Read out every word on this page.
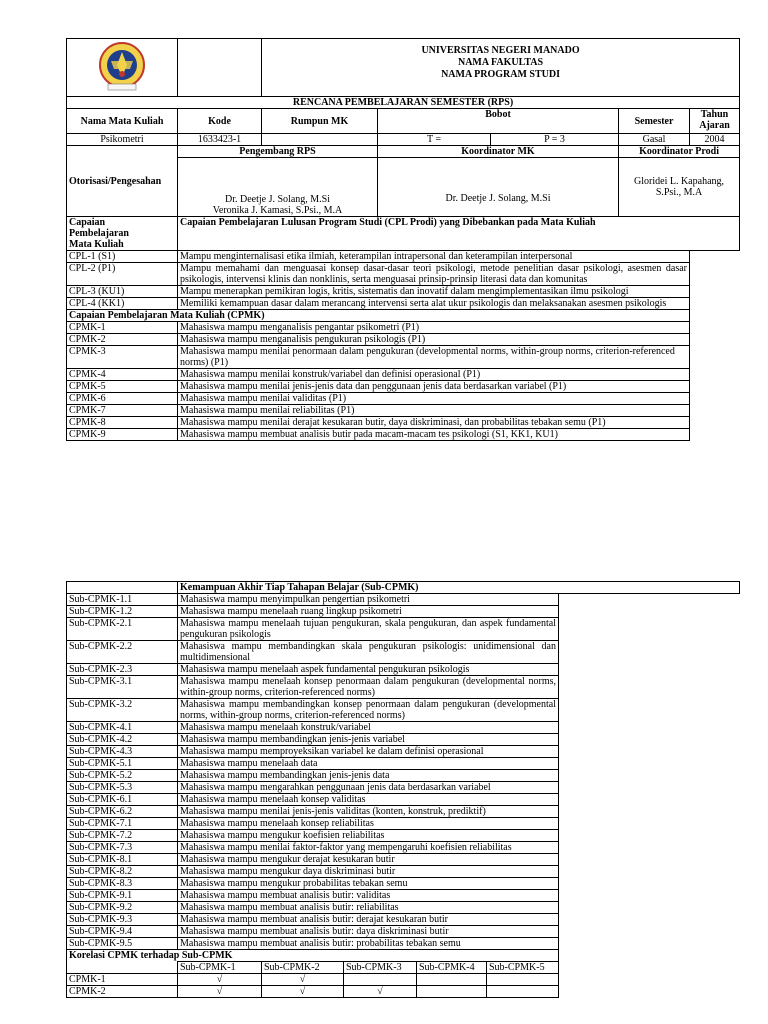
UNIVERSITAS NEGERI MANADO
NAMA FAKULTAS
NAMA PROGRAM STUDI				

RENCANA PEMBELAJARAN SEMESTER (RPS)						
Nama Mata Kuliah	Kode	Rumpun MK	Bobot		Semester	Tahun Ajaran
Psikometri	1633423-1		T =	P = 3	Gasal	2004
Otorisasi/Pengesahan	Pengembang RPS		Koordinator MK		Koordinator Prodi	

	Dr. Deetje J. Solang, M.Si
Veronika J. Kamasi, S.Psi., M.A		Dr. Deetje J. Solang, M.Si		Gloridei L. Kapahang, S.Psi., M.A	

Capaian Pembelajaran Mata Kuliah	Capaian Pembelajaran Lulusan Program Studi (CPL Prodi) yang Dibebankan pada Mata Kuliah					
CPL-1 (S1)	Mampu menginternalisasi etika ilmiah, keterampilan intrapersonal dan keterampilan interpersonal					
CPL-2 (P1)	Mampu memahami dan menguasai konsep dasar-dasar teori psikologi, metode penelitian dasar psikologi, asesmen dasar psikologis, intervensi klinis dan nonklinis, serta menguasai prinsip-prinsip literasi data dan komunitas					
CPL-3 (KU1)	Mampu menerapkan pemikiran logis, kritis, sistematis dan inovatif dalam mengimplementasikan ilmu psikologi					
CPL-4 (KK1)	Memiliki kemampuan dasar dalam merancang intervensi serta alat ukur psikologis dan melaksanakan asesmen psikologis					
Capaian Pembelajaran Mata Kuliah (CPMK)						
CPMK-1	Mahasiswa mampu menganalisis pengantar psikometri (P1)					
CPMK-2	Mahasiswa mampu menganalisis pengukuran psikologis (P1)					
CPMK-3	Mahasiswa mampu menilai penormaan dalam pengukuran (developmental norms, within-group norms, criterion-referenced norms) (P1)					
CPMK-4	Mahasiswa mampu menilai konstruk/variabel dan definisi operasional (P1)					
CPMK-5	Mahasiswa mampu menilai jenis-jenis data dan penggunaan jenis data berdasarkan variabel (P1)					
CPMK-6	Mahasiswa mampu menilai validitas (P1)					
CPMK-7	Mahasiswa mampu menilai reliabilitas (P1)					
CPMK-8	Mahasiswa mampu menilai derajat kesukaran butir, daya diskriminasi, dan probabilitas tebakan semu (P1)					
CPMK-9	Mahasiswa mampu membuat analisis butir pada macam-macam tes psikologi (S1, KK1, KU1)					
	Kemampuan Akhir Tiap Tahapan Belajar (Sub-CPMK)				
Sub-CPMK-1.1	Mahasiswa mampu menyimpulkan pengertian psikometri				
Sub-CPMK-1.2	Mahasiswa mampu menelaah ruang lingkup psikometri				
Sub-CPMK-2.1	Mahasiswa mampu menelaah tujuan pengukuran, skala pengukuran, dan aspek fundamental pengukuran psikologis				
Sub-CPMK-2.2	Mahasiswa mampu membandingkan skala pengukuran psikologis: unidimensional dan multidimensional				
Sub-CPMK-2.3	Mahasiswa mampu menelaah aspek fundamental pengukuran psikologis				
Sub-CPMK-3.1	Mahasiswa mampu menelaah konsep penormaan dalam pengukuran (developmental norms, within-group norms, criterion-referenced norms)				
Sub-CPMK-3.2	Mahasiswa mampu membandingkan konsep penormaan dalam pengukuran (developmental norms, within-group norms, criterion-referenced norms)				
Sub-CPMK-4.1	Mahasiswa mampu menelaah konstruk/variabel				
Sub-CPMK-4.2	Mahasiswa mampu membandingkan jenis-jenis variabel				
Sub-CPMK-4.3	Mahasiswa mampu memproyeksikan variabel ke dalam definisi operasional				
Sub-CPMK-5.1	Mahasiswa mampu menelaah data				
Sub-CPMK-5.2	Mahasiswa mampu membandingkan jenis-jenis data				
Sub-CPMK-5.3	Mahasiswa mampu mengarahkan penggunaan jenis data berdasarkan variabel				
Sub-CPMK-6.1	Mahasiswa mampu menelaah konsep validitas				
Sub-CPMK-6.2	Mahasiswa mampu menilai jenis-jenis validitas (konten, konstruk, prediktif)				
Sub-CPMK-7.1	Mahasiswa mampu menelaah konsep reliabilitas				
Sub-CPMK-7.2	Mahasiswa mampu mengukur koefisien reliabilitas				
Sub-CPMK-7.3	Mahasiswa mampu menilai faktor-faktor yang mempengaruhi koefisien reliabilitas				
Sub-CPMK-8.1	Mahasiswa mampu mengukur derajat kesukaran butir				
Sub-CPMK-8.2	Mahasiswa mampu mengukur daya diskriminasi butir				
Sub-CPMK-8.3	Mahasiswa mampu mengukur probabilitas tebakan semu				
Sub-CPMK-9.1	Mahasiswa mampu membuat analisis butir: validitas				
Sub-CPMK-9.2	Mahasiswa mampu membuat analisis butir: reliabilitas				
Sub-CPMK-9.3	Mahasiswa mampu membuat analisis butir: derajat kesukaran butir				
Sub-CPMK-9.4	Mahasiswa mampu membuat analisis butir: daya diskriminasi butir				
Sub-CPMK-9.5	Mahasiswa mampu membuat analisis butir: probabilitas tebakan semu				
Korelasi CPMK terhadap Sub-CPMK					
	Sub-CPMK-1	Sub-CPMK-2	Sub-CPMK-3	Sub-CPMK-4	Sub-CPMK-5
CPMK-1	√	√			
CPMK-2	√	√	√		
